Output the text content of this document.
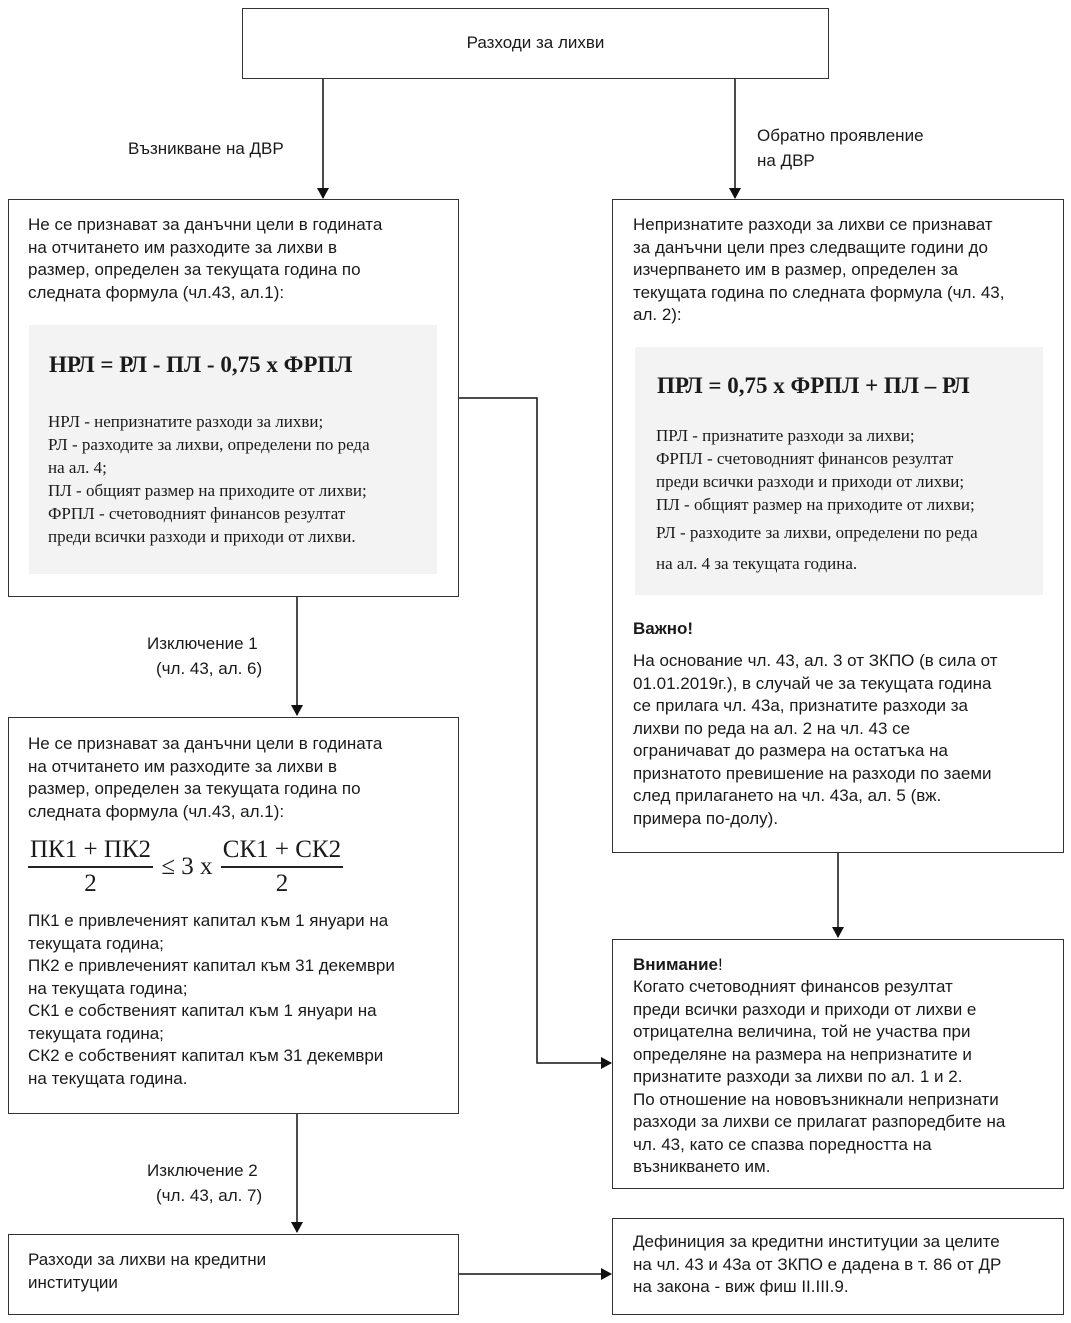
Разходи за лихви
Възникване на ДВР
Обратно проявление
на ДВР
Изключение 1
(чл. 43, ал. 6)
Изключение 2
(чл. 43, ал. 7)
Не се признават за данъчни цели в годината
на отчитането им разходите за лихви в
размер, определен за текущата година по
следната формула (чл.43, ал.1):
НРЛ = РЛ - ПЛ - 0,75 х ФРПЛ
НРЛ - непризнатите разходи за лихви;
РЛ - разходите за лихви, определени по реда
на ал. 4;
ПЛ - общият размер на приходите от лихви;
ФРПЛ - счетоводният финансов резултат
преди всички разходи и приходи от лихви.
Непризнатите разходи за лихви се признават
за данъчни цели през следващите години до
изчерпването им в размер, определен за
текущата година по следната формула (чл. 43,
ал. 2):
ПРЛ = 0,75 х ФРПЛ + ПЛ – РЛ
ПРЛ - признатите разходи за лихви;
ФРПЛ - счетоводният финансов резултат
преди всички разходи и приходи от лихви;
ПЛ - общият размер на приходите от лихви;
РЛ - разходите за лихви, определени по реда
на ал. 4 за текущата година.
Важно!
На основание чл. 43, ал. 3 от ЗКПО (в сила от
01.01.2019г.), в случай че за текущата година
се прилага чл. 43а, признатите разходи за
лихви по реда на ал. 2 на чл. 43 се
ограничават до размера на остатъка на
признатото превишение на разходи по заеми
след прилагането на чл. 43а, ал. 5 (вж.
примера по-долу).
Не се признават за данъчни цели в годината
на отчитането им разходите за лихви в
размер, определен за текущата година по
следната формула (чл.43, ал.1):
$\frac{ПК1 + ПК2}{2} \le 3$ х $\frac{СК1 + СК2}{2}$
ПК1 е привлеченият капитал към 1 януари на
текущата година;
ПК2 е привлеченият капитал към 31 декември
на текущата година;
СК1 е собственият капитал към 1 януари на
текущата година;
СК2 е собственият капитал към 31 декември
на текущата година.
Внимание!
Когато счетоводният финансов резултат
преди всички разходи и приходи от лихви е
отрицателна величина, той не участва при
определяне на размера на непризнатите и
признатите разходи за лихви по ал. 1 и 2.
По отношение на нововъзникнали непризнати
разходи за лихви се прилагат разпоредбите на
чл. 43, като се спазва поредността на
възникването им.
Разходи за лихви на кредитни
институции
Дефиниция за кредитни институции за целите
на чл. 43 и 43а от ЗКПО е дадена в т. 86 от ДР
на закона - виж фиш II.III.9.
